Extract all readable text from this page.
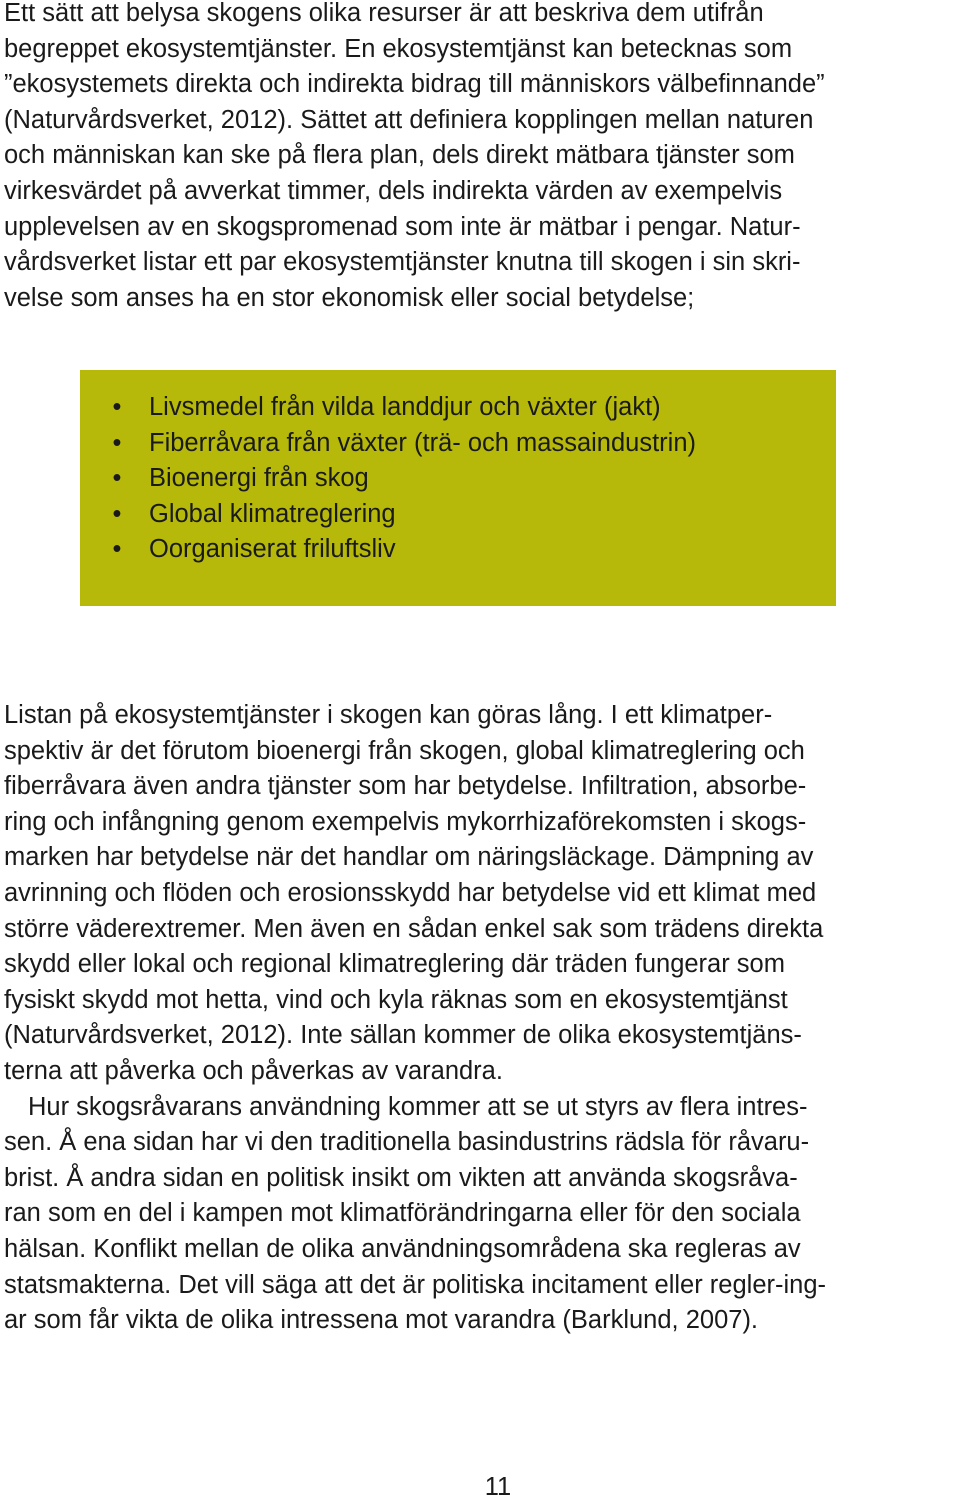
Ett sätt att belysa skogens olika resurser är att beskriva dem utifrån
begreppet ekosystemtjänster. En ekosystemtjänst kan betecknas som
”ekosystemets direkta och indirekta bidrag till människors välbefinnande”
(Naturvårdsverket, 2012). Sättet att definiera kopplingen mellan naturen
och människan kan ske på flera plan, dels direkt mätbara tjänster som
virkesvärdet på avverkat timmer, dels indirekta värden av exempelvis
upplevelsen av en skogspromenad som inte är mätbar i pengar. Natur-
vårdsverket listar ett par ekosystemtjänster knutna till skogen i sin skri-
velse som anses ha en stor ekonomisk eller social betydelse;
• Livsmedel från vilda landdjur och växter (jakt)
• Fiberråvara från växter (trä- och massaindustrin)
• Bioenergi från skog
• Global klimatreglering
• Oorganiserat friluftsliv
Listan på ekosystemtjänster i skogen kan göras lång. I ett klimatper-
spektiv är det förutom bioenergi från skogen, global klimatreglering och
fiberråvara även andra tjänster som har betydelse. Infiltration, absorbe-
ring och infångning genom exempelvis mykorrhizaförekomsten i skogs-
marken har betydelse när det handlar om näringsläckage. Dämpning av
avrinning och flöden och erosionsskydd har betydelse vid ett klimat med
större väderextremer. Men även en sådan enkel sak som trädens direkta
skydd eller lokal och regional klimatreglering där träden fungerar som
fysiskt skydd mot hetta, vind och kyla räknas som en ekosystemtjänst
(Naturvårdsverket, 2012). Inte sällan kommer de olika ekosystemtjäns-
terna att påverka och påverkas av varandra.
Hur skogsråvarans användning kommer att se ut styrs av flera intres-
sen. Å ena sidan har vi den traditionella basindustrins rädsla för råvaru-
brist. Å andra sidan en politisk insikt om vikten att använda skogsråva-
ran som en del i kampen mot klimatförändringarna eller för den sociala
hälsan. Konflikt mellan de olika användningsområdena ska regleras av
statsmakterna. Det vill säga att det är politiska incitament eller regler-ing-
ar som får vikta de olika intressena mot varandra (Barklund, 2007).
11
